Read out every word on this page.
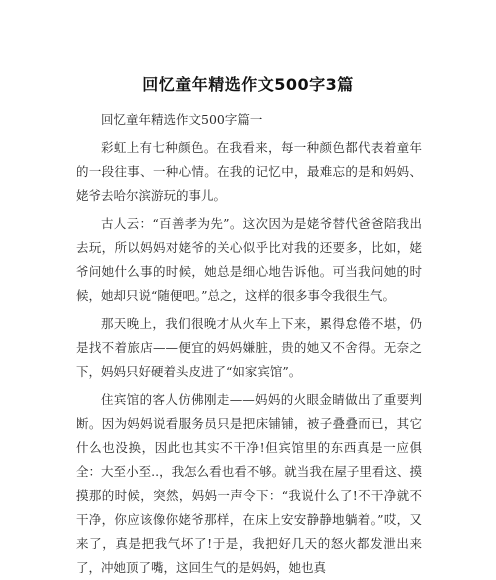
回忆童年精选作文500字3篇

回忆童年精选作文500字篇一

彩虹上有七种颜色。在我看来，每一种颜色都代表着童年的一段往事、一种心情。在我的记忆中，最难忘的是和妈妈、姥爷去哈尔滨游玩的事儿。

古人云：“百善孝为先”。这次因为是姥爷替代爸爸陪我出去玩，所以妈妈对姥爷的关心似乎比对我的还要多，比如，姥爷问她什么事的时候，她总是细心地告诉他。可当我问她的时候，她却只说“随便吧。”总之，这样的很多事令我很生气。

那天晚上，我们很晚才从火车上下来，累得怠倦不堪，仍是找不着旅店——便宜的妈妈嫌脏，贵的她又不舍得。无奈之下，妈妈只好硬着头皮进了“如家宾馆”。

住宾馆的客人仿佛刚走——妈妈的火眼金睛做出了重要判断。因为妈妈说看服务员只是把床铺铺，被子叠叠而已，其它什么也没换，因此也其实不干净!但宾馆里的东西真是一应俱全：大至小至..，我怎么看也看不够。就当我在屋子里看这、摸摸那的时候，突然，妈妈一声令下：“我说什么了!不干净就不干净，你应该像你姥爷那样，在床上安安静静地躺着。”哎，又来了，真是把我气坏了!于是，我把好几天的怒火都发泄出来了，冲她顶了嘴，这回生气的是妈妈，她也真
